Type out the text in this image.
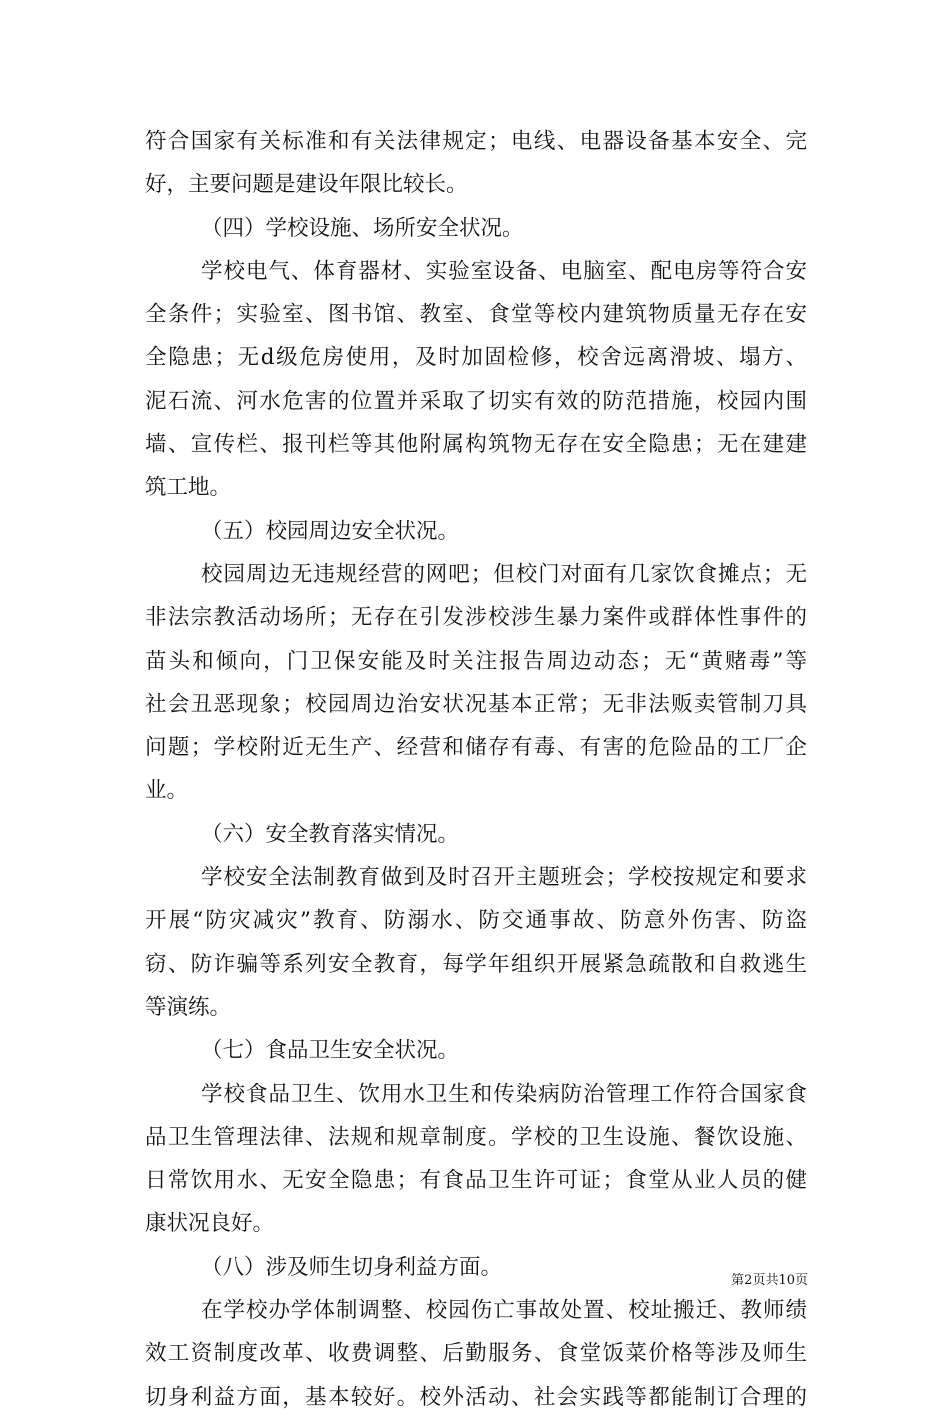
符合国家有关标准和有关法律规定；电线、电器设备基本安全、完
好，主要问题是建设年限比较长。
（四）学校设施、场所安全状况。
学校电气、体育器材、实验室设备、电脑室、配电房等符合安
全条件；实验室、图书馆、教室、食堂等校内建筑物质量无存在安
全隐患；无d级危房使用，及时加固检修，校舍远离滑坡、塌方、
泥石流、河水危害的位置并采取了切实有效的防范措施，校园内围
墙、宣传栏、报刊栏等其他附属构筑物无存在安全隐患；无在建建
筑工地。
（五）校园周边安全状况。
校园周边无违规经营的网吧；但校门对面有几家饮食摊点；无
非法宗教活动场所；无存在引发涉校涉生暴力案件或群体性事件的
苗头和倾向，门卫保安能及时关注报告周边动态；无“黄赌毒”等
社会丑恶现象；校园周边治安状况基本正常；无非法贩卖管制刀具
问题；学校附近无生产、经营和储存有毒、有害的危险品的工厂企
业。
（六）安全教育落实情况。
学校安全法制教育做到及时召开主题班会；学校按规定和要求
开展“防灾减灾”教育、防溺水、防交通事故、防意外伤害、防盗
窃、防诈骗等系列安全教育，每学年组织开展紧急疏散和自救逃生
等演练。
（七）食品卫生安全状况。
学校食品卫生、饮用水卫生和传染病防治管理工作符合国家食
品卫生管理法律、法规和规章制度。学校的卫生设施、餐饮设施、
日常饮用水、无安全隐患；有食品卫生许可证；食堂从业人员的健
康状况良好。
（八）涉及师生切身利益方面。
在学校办学体制调整、校园伤亡事故处置、校址搬迁、教师绩
效工资制度改革、收费调整、后勤服务、食堂饭菜价格等涉及师生
切身利益方面，基本较好。校外活动、社会实践等都能制订合理的
第2页共10页
